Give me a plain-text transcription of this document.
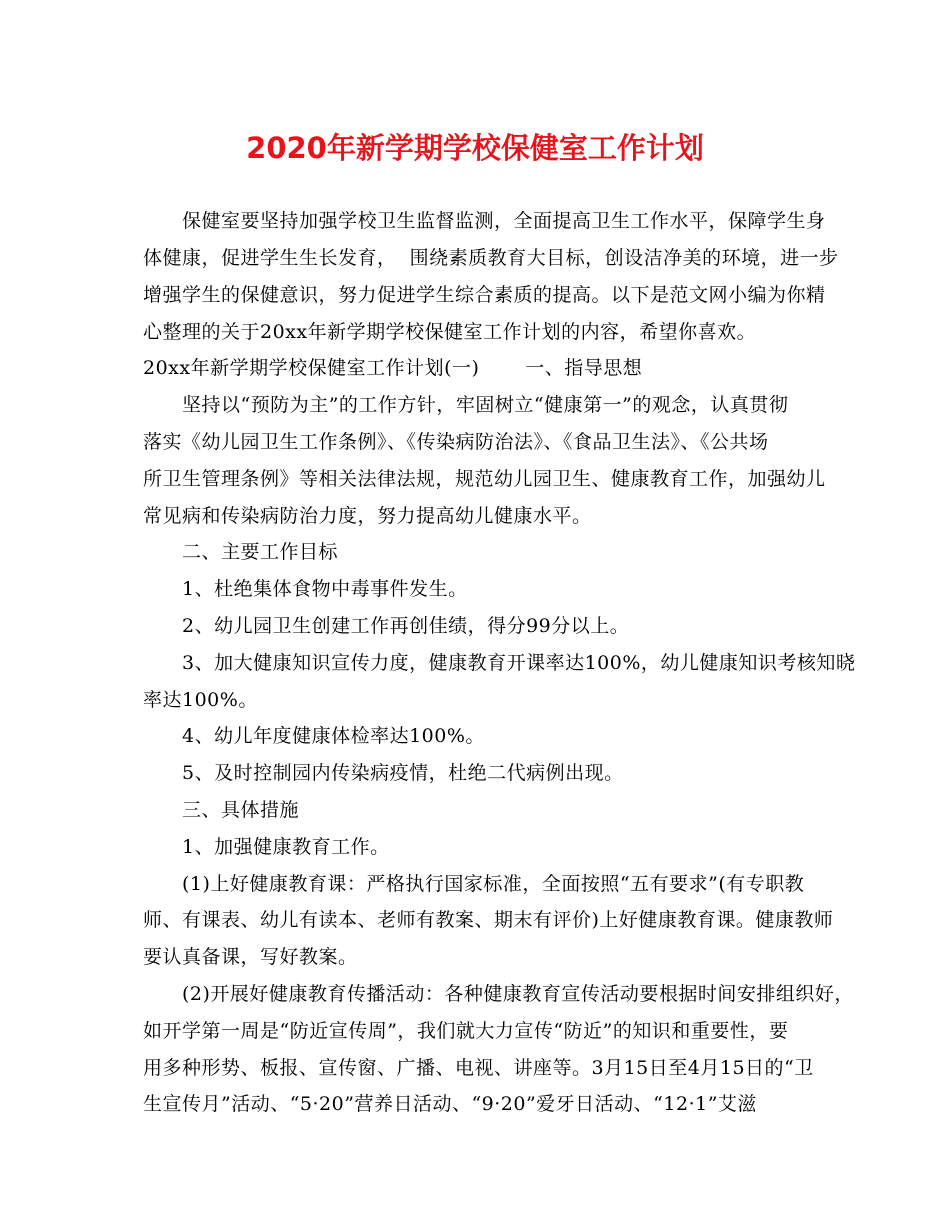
2020年新学期学校保健室工作计划
保健室要坚持加强学校卫生监督监测，全面提高卫生工作水平，保障学生身
体健康，促进学生生长发育，  围绕素质教育大目标，创设洁净美的环境，进一步
增强学生的保健意识，努力促进学生综合素质的提高。以下是范文网小编为你精
心整理的关于20xx年新学期学校保健室工作计划的内容，希望你喜欢。
20xx年新学期学校保健室工作计划(一)       一、指导思想
坚持以“预防为主”的工作方针，牢固树立“健康第一”的观念，认真贯彻
落实《幼儿园卫生工作条例》、《传染病防治法》、《食品卫生法》、《公共场
所卫生管理条例》等相关法律法规，规范幼儿园卫生、健康教育工作，加强幼儿
常见病和传染病防治力度，努力提高幼儿健康水平。
二、主要工作目标
1、杜绝集体食物中毒事件发生。
2、幼儿园卫生创建工作再创佳绩，得分99分以上。
3、加大健康知识宣传力度，健康教育开课率达100%，幼儿健康知识考核知晓
率达100%。
4、幼儿年度健康体检率达100%。
5、及时控制园内传染病疫情，杜绝二代病例出现。
三、具体措施
1、加强健康教育工作。
(1)上好健康教育课：严格执行国家标准，全面按照“五有要求”(有专职教
师、有课表、幼儿有读本、老师有教案、期末有评价)上好健康教育课。健康教师
要认真备课，写好教案。
(2)开展好健康教育传播活动：各种健康教育宣传活动要根据时间安排组织好，
如开学第一周是“防近宣传周”，我们就大力宣传“防近”的知识和重要性，要
用多种形势、板报、宣传窗、广播、电视、讲座等。3月15日至4月15日的“卫
生宣传月”活动、“5·20”营养日活动、“9·20”爱牙日活动、“12·1”艾滋
